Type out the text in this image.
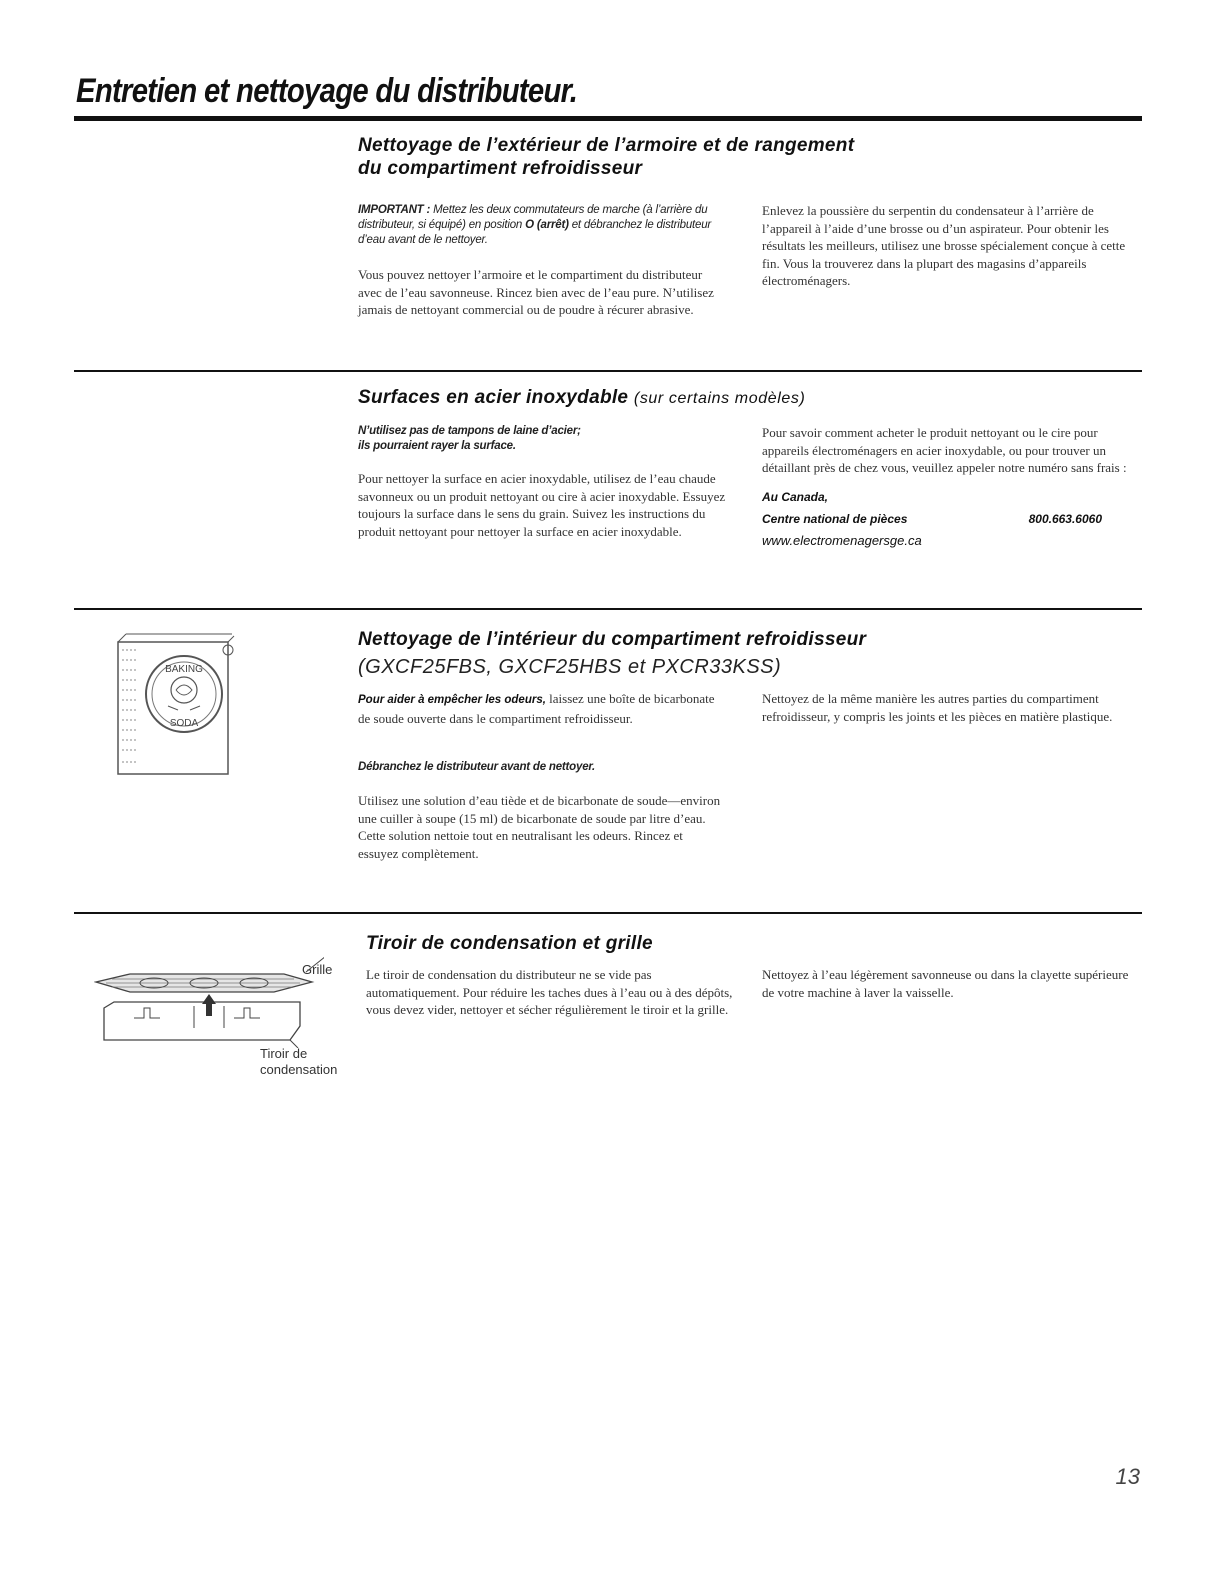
Entretien et nettoyage du distributeur.
Nettoyage de l’extérieur de l’armoire et de rangement
du compartiment refroidisseur
IMPORTANT : Mettez les deux commutateurs de marche (à l’arrière du distributeur, si équipé) en position O (arrêt) et débranchez le distributeur d’eau avant de le nettoyer.
Vous pouvez nettoyer l’armoire et le compartiment du distributeur avec de l’eau savonneuse. Rincez bien avec de l’eau pure. N’utilisez jamais de nettoyant commercial ou de poudre à récurer abrasive.
Enlevez la poussière du serpentin du condensateur à l’arrière de l’appareil à l’aide d’une brosse ou d’un aspirateur. Pour obtenir les résultats les meilleurs, utilisez une brosse spécialement conçue à cette fin. Vous la trouverez dans la plupart des magasins d’appareils électroménagers.
Surfaces en acier inoxydable (sur certains modèles)
N’utilisez pas de tampons de laine d’acier;
ils pourraient rayer la surface.
Pour nettoyer la surface en acier inoxydable, utilisez de l’eau chaude savonneux ou un produit nettoyant ou cire à acier inoxydable. Essuyez toujours la surface dans le sens du grain. Suivez les instructions du produit nettoyant pour nettoyer la surface en acier inoxydable.
Pour savoir comment acheter le produit nettoyant ou le cire pour appareils électroménagers en acier inoxydable, ou pour trouver un détaillant près de chez vous, veuillez appeler notre numéro sans frais :
Au Canada,
Centre national de pièces	800.663.6060
www.electromenagersge.ca
BAKING
SODA
Nettoyage de l’intérieur du compartiment refroidisseur
(GXCF25FBS, GXCF25HBS et PXCR33KSS)
Pour aider à empêcher les odeurs, laissez une boîte de bicarbonate de soude ouverte dans le compartiment refroidisseur.
Débranchez le distributeur avant de nettoyer.
Utilisez une solution d’eau tiède et de bicarbonate de soude—environ une cuiller à soupe (15 ml) de bicarbonate de soude par litre d’eau. Cette solution nettoie tout en neutralisant les odeurs. Rincez et essuyez complètement.
Nettoyez de la même manière les autres parties du compartiment refroidisseur, y compris les joints et les pièces en matière plastique.
Grille
Tiroir de
condensation
Tiroir de condensation et grille
Le tiroir de condensation du distributeur ne se vide pas automatiquement. Pour réduire les taches dues à l’eau ou à des dépôts, vous devez vider, nettoyer et sécher régulièrement le tiroir et la grille.
Nettoyez à l’eau légèrement savonneuse ou dans la clayette supérieure de votre machine à laver la vaisselle.
13
